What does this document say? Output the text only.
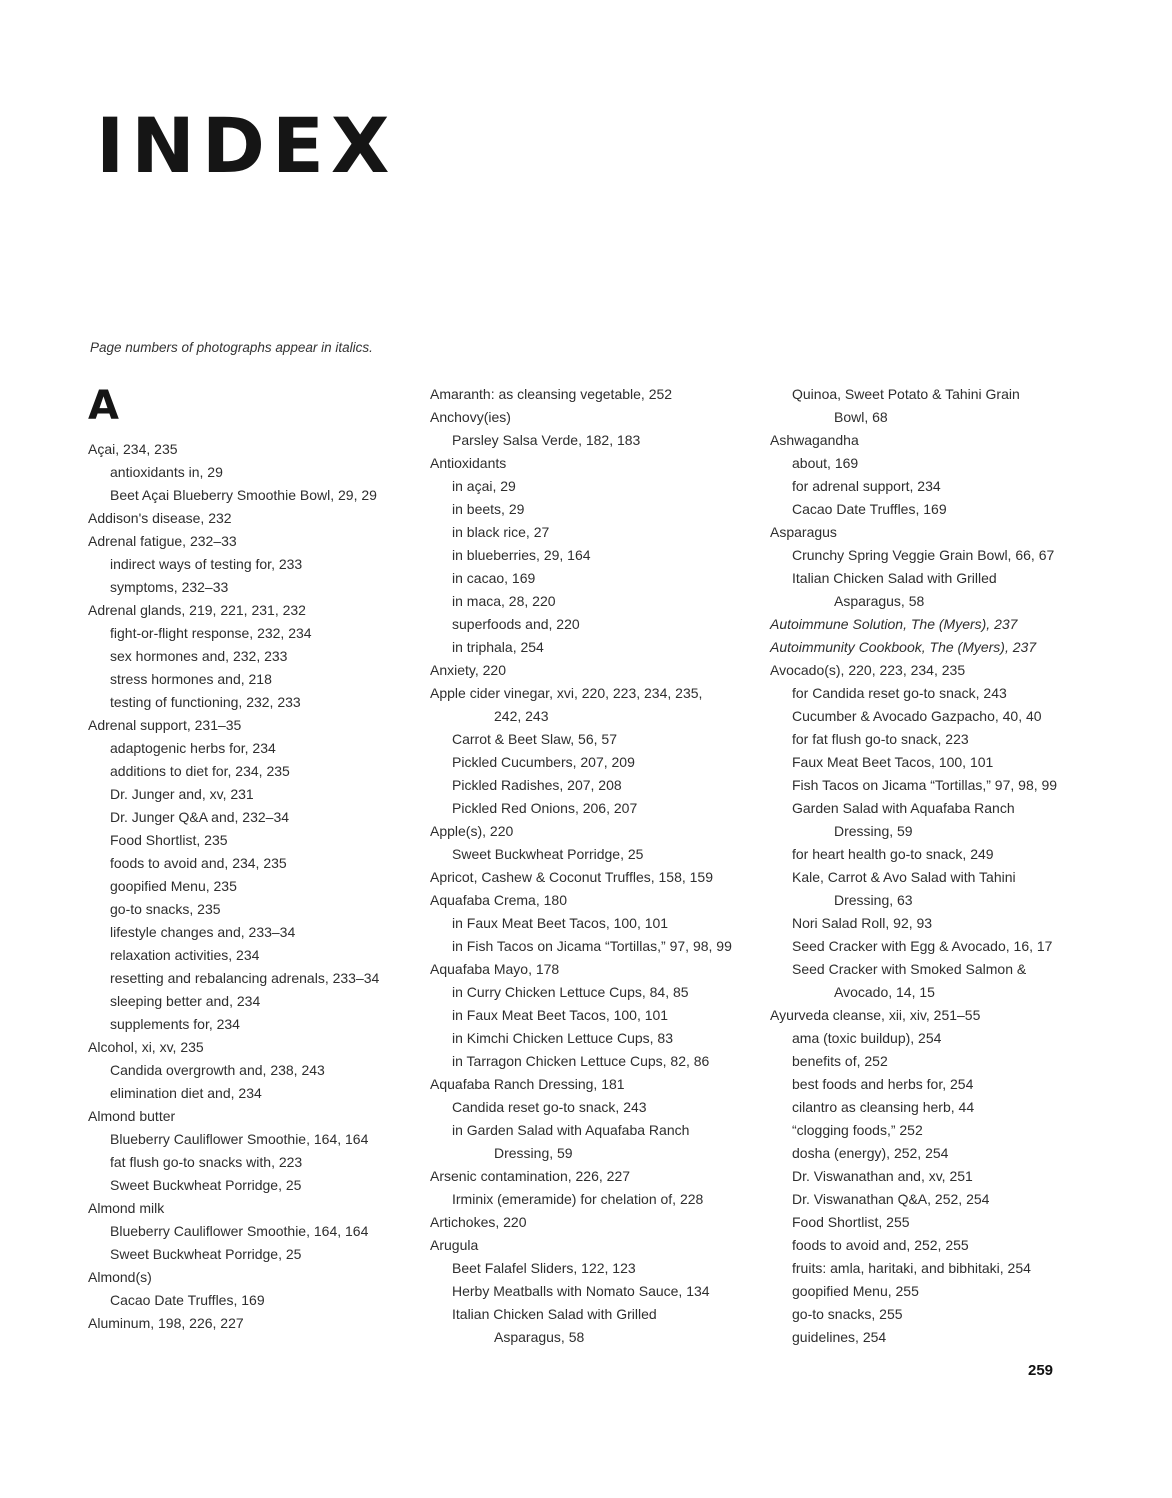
INDEX

Page numbers of photographs appear in italics.

A
Açai, 234, 235
antioxidants in, 29
Beet Açai Blueberry Smoothie Bowl, 29, 29
Addison's disease, 232
Adrenal fatigue, 232–33
indirect ways of testing for, 233
symptoms, 232–33
Adrenal glands, 219, 221, 231, 232
fight-or-flight response, 232, 234
sex hormones and, 232, 233
stress hormones and, 218
testing of functioning, 232, 233
Adrenal support, 231–35
adaptogenic herbs for, 234
additions to diet for, 234, 235
Dr. Junger and, xv, 231
Dr. Junger Q&A and, 232–34
Food Shortlist, 235
foods to avoid and, 234, 235
goopified Menu, 235
go-to snacks, 235
lifestyle changes and, 233–34
relaxation activities, 234
resetting and rebalancing adrenals, 233–34
sleeping better and, 234
supplements for, 234
Alcohol, xi, xv, 235
Candida overgrowth and, 238, 243
elimination diet and, 234
Almond butter
Blueberry Cauliflower Smoothie, 164, 164
fat flush go-to snacks with, 223
Sweet Buckwheat Porridge, 25
Almond milk
Blueberry Cauliflower Smoothie, 164, 164
Sweet Buckwheat Porridge, 25
Almond(s)
Cacao Date Truffles, 169
Aluminum, 198, 226, 227
Amaranth: as cleansing vegetable, 252
Anchovy(ies)
Parsley Salsa Verde, 182, 183
Antioxidants
in açai, 29
in beets, 29
in black rice, 27
in blueberries, 29, 164
in cacao, 169
in maca, 28, 220
superfoods and, 220
in triphala, 254
Anxiety, 220
Apple cider vinegar, xvi, 220, 223, 234, 235,
242, 243
Carrot & Beet Slaw, 56, 57
Pickled Cucumbers, 207, 209
Pickled Radishes, 207, 208
Pickled Red Onions, 206, 207
Apple(s), 220
Sweet Buckwheat Porridge, 25
Apricot, Cashew & Coconut Truffles, 158, 159
Aquafaba Crema, 180
in Faux Meat Beet Tacos, 100, 101
in Fish Tacos on Jicama “Tortillas,” 97, 98, 99
Aquafaba Mayo, 178
in Curry Chicken Lettuce Cups, 84, 85
in Faux Meat Beet Tacos, 100, 101
in Kimchi Chicken Lettuce Cups, 83
in Tarragon Chicken Lettuce Cups, 82, 86
Aquafaba Ranch Dressing, 181
Candida reset go-to snack, 243
in Garden Salad with Aquafaba Ranch
Dressing, 59
Arsenic contamination, 226, 227
Irminix (emeramide) for chelation of, 228
Artichokes, 220
Arugula
Beet Falafel Sliders, 122, 123
Herby Meatballs with Nomato Sauce, 134
Italian Chicken Salad with Grilled
Asparagus, 58
Quinoa, Sweet Potato & Tahini Grain
Bowl, 68
Ashwagandha
about, 169
for adrenal support, 234
Cacao Date Truffles, 169
Asparagus
Crunchy Spring Veggie Grain Bowl, 66, 67
Italian Chicken Salad with Grilled
Asparagus, 58
Autoimmune Solution, The (Myers), 237
Autoimmunity Cookbook, The (Myers), 237
Avocado(s), 220, 223, 234, 235
for Candida reset go-to snack, 243
Cucumber & Avocado Gazpacho, 40, 40
for fat flush go-to snack, 223
Faux Meat Beet Tacos, 100, 101
Fish Tacos on Jicama “Tortillas,” 97, 98, 99
Garden Salad with Aquafaba Ranch
Dressing, 59
for heart health go-to snack, 249
Kale, Carrot & Avo Salad with Tahini
Dressing, 63
Nori Salad Roll, 92, 93
Seed Cracker with Egg & Avocado, 16, 17
Seed Cracker with Smoked Salmon &
Avocado, 14, 15
Ayurveda cleanse, xii, xiv, 251–55
ama (toxic buildup), 254
benefits of, 252
best foods and herbs for, 254
cilantro as cleansing herb, 44
“clogging foods,” 252
dosha (energy), 252, 254
Dr. Viswanathan and, xv, 251
Dr. Viswanathan Q&A, 252, 254
Food Shortlist, 255
foods to avoid and, 252, 255
fruits: amla, haritaki, and bibhitaki, 254
goopified Menu, 255
go-to snacks, 255
guidelines, 254

259
